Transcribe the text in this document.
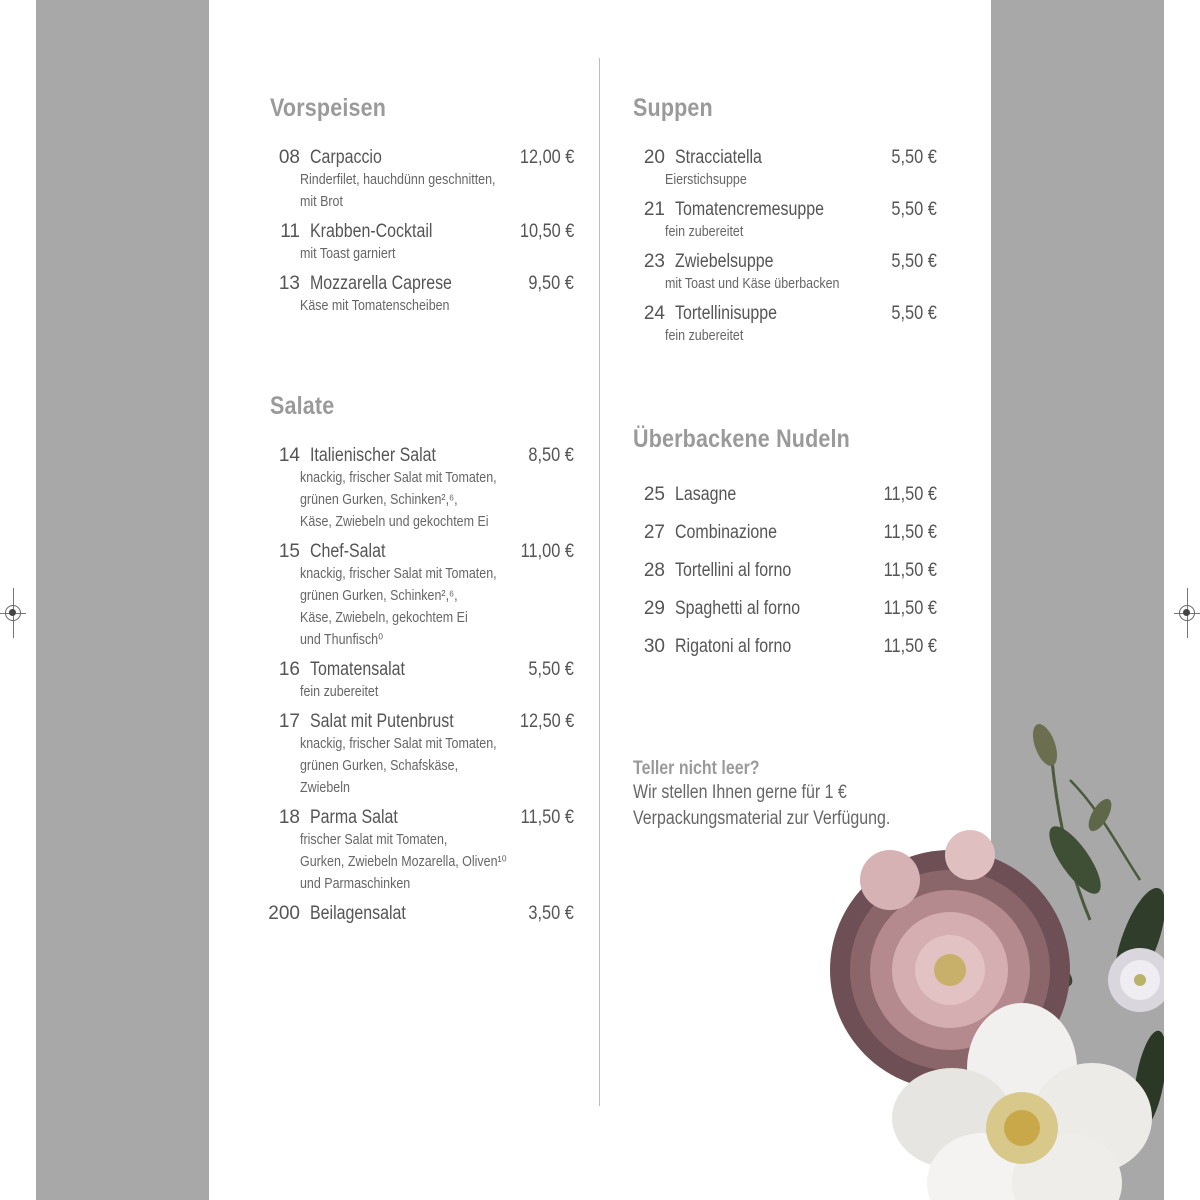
Vorspeisen
08 Carpaccio	12,00 €
Rinderfilet, hauchdünn geschnitten,
mit Brot
11 Krabben-Cocktail	10,50 €
mit Toast garniert
13 Mozzarella Caprese	9,50 €
Käse mit Tomatenscheiben
Salate
14 Italienischer Salat	8,50 €
knackig, frischer Salat mit Tomaten,
grünen Gurken, Schinken²,⁶,
Käse, Zwiebeln und gekochtem Ei
15 Chef-Salat	11,00 €
knackig, frischer Salat mit Tomaten,
grünen Gurken, Schinken²,⁶,
Käse, Zwiebeln, gekochtem Ei
und Thunfisch⁰
16 Tomatensalat	5,50 €
fein zubereitet
17 Salat mit Putenbrust	12,50 €
knackig, frischer Salat mit Tomaten,
grünen Gurken, Schafskäse,
Zwiebeln
18 Parma Salat	11,50 €
frischer Salat mit Tomaten,
Gurken, Zwiebeln Mozarella, Oliven¹⁰
und Parmaschinken
200 Beilagensalat	3,50 €
Suppen
20 Stracciatella	5,50 €
Eierstichsuppe
21 Tomatencremesuppe	5,50 €
fein zubereitet
23 Zwiebelsuppe	5,50 €
mit Toast und Käse überbacken
24 Tortellinisuppe	5,50 €
fein zubereitet
Überbackene Nudeln
25 Lasagne	11,50 €
27 Combinazione	11,50 €
28 Tortellini al forno	11,50 €
29 Spaghetti al forno	11,50 €
30 Rigatoni al forno	11,50 €
Teller nicht leer?
Wir stellen Ihnen gerne für 1 €
Verpackungsmaterial zur Verfügung.
